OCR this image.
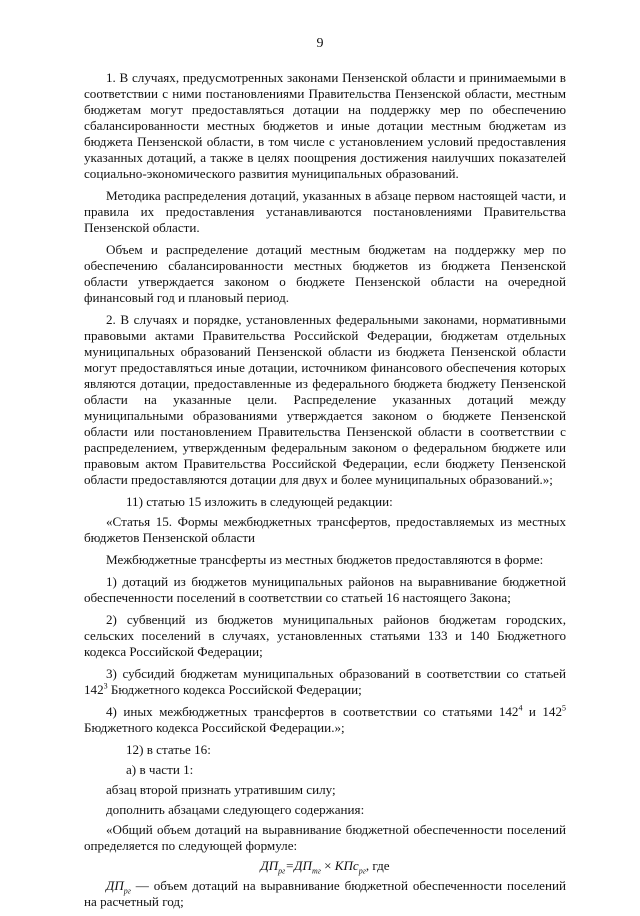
9

1. В случаях, предусмотренных законами Пензенской области и принимаемыми в соответствии с ними постановлениями Правительства Пензенской области, местным бюджетам могут предоставляться дотации на поддержку мер по обеспечению сбалансированности местных бюджетов и иные дотации местным бюджетам из бюджета Пензенской области, в том числе с установлением условий предоставления указанных дотаций, а также в целях поощрения достижения наилучших показателей социально-экономического развития муниципальных образований.

Методика распределения дотаций, указанных в абзаце первом настоящей части, и правила их предоставления устанавливаются постановлениями Правительства Пензенской области.

Объем и распределение дотаций местным бюджетам на поддержку мер по обеспечению сбалансированности местных бюджетов из бюджета Пензенской области утверждается законом о бюджете Пензенской области на очередной финансовый год и плановый период.

2. В случаях и порядке, установленных федеральными законами, нормативными правовыми актами Правительства Российской Федерации, бюджетам отдельных муниципальных образований Пензенской области из бюджета Пензенской области могут предоставляться иные дотации, источником финансового обеспечения которых являются дотации, предоставленные из федерального бюджета бюджету Пензенской области на указанные цели. Распределение указанных дотаций между муниципальными образованиями утверждается законом о бюджете Пензенской области или постановлением Правительства Пензенской области в соответствии с распределением, утвержденным федеральным законом о федеральном бюджете или правовым актом Правительства Российской Федерации, если бюджету Пензенской области предоставляются дотации для двух и более муниципальных образований.»;

11) статью 15 изложить в следующей редакции:

«Статья 15. Формы межбюджетных трансфертов, предоставляемых из местных бюджетов Пензенской области

Межбюджетные трансферты из местных бюджетов предоставляются в форме:

1) дотаций из бюджетов муниципальных районов на выравнивание бюджетной обеспеченности поселений в соответствии со статьей 16 настоящего Закона;

2) субвенций из бюджетов муниципальных районов бюджетам городских, сельских поселений в случаях, установленных статьями 133 и 140 Бюджетного кодекса Российской Федерации;

3) субсидий бюджетам муниципальных образований в соответствии со статьей $142^3$ Бюджетного кодекса Российской Федерации;

4) иных межбюджетных трансфертов в соответствии со статьями $142^4$ и $142^5$ Бюджетного кодекса Российской Федерации.»;

12) в статье 16:

а) в части 1:

абзац второй признать утратившим силу;

дополнить абзацами следующего содержания:

«Общий объем дотаций на выравнивание бюджетной обеспеченности поселений определяется по следующей формуле:

$ДП_{рг}=ДП_{тг} \times КПс_{рг}$, где

$ДП_{рг}$ — объем дотаций на выравнивание бюджетной обеспеченности поселений на расчетный год;
